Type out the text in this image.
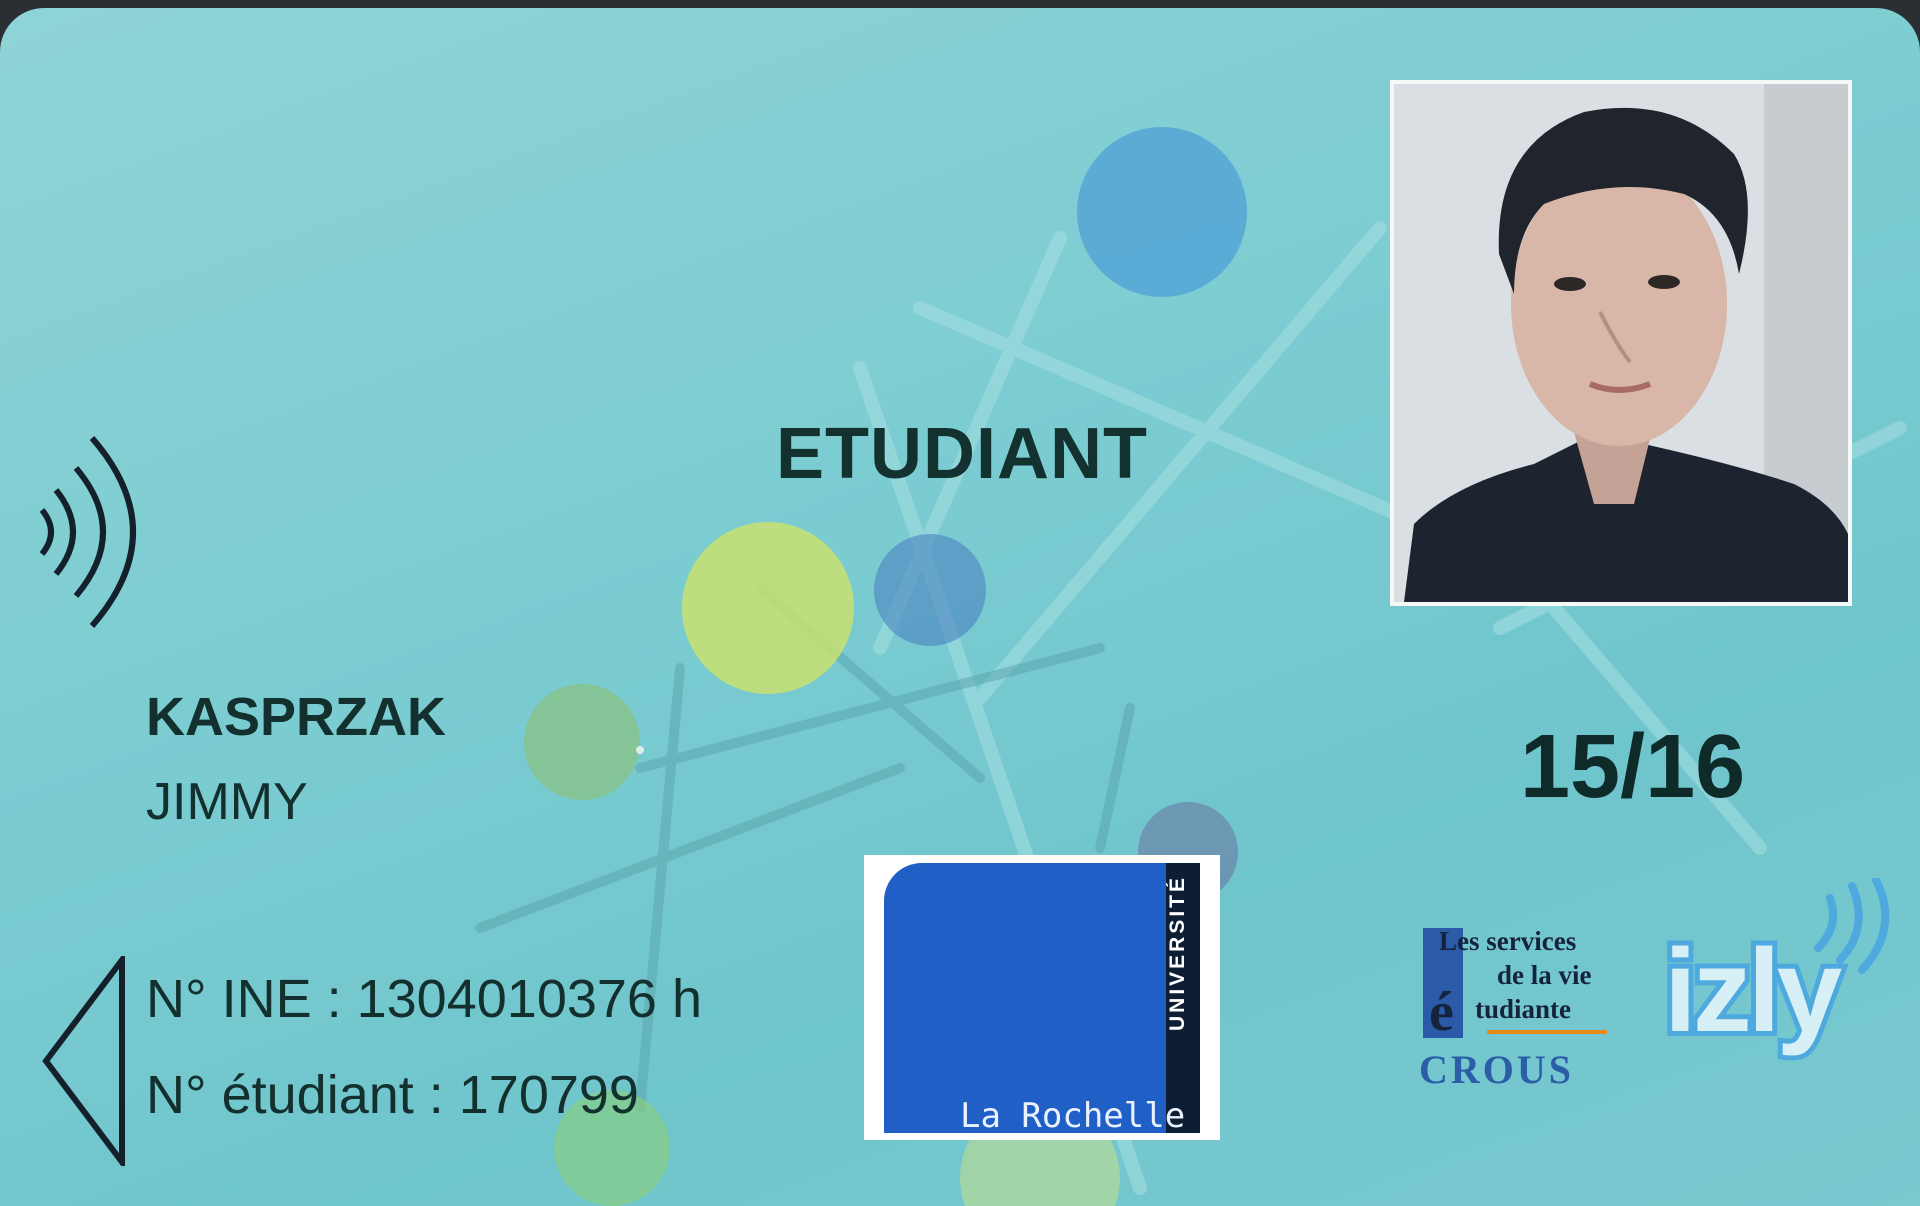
ETUDIANT
KASPRZAK
JIMMY
N° INE : 1304010376 h
N° étudiant : 170799
15/16
UNIVERSITÉ
La Rochelle
Les services
de la vie
é tudiante
CROUS
izly
